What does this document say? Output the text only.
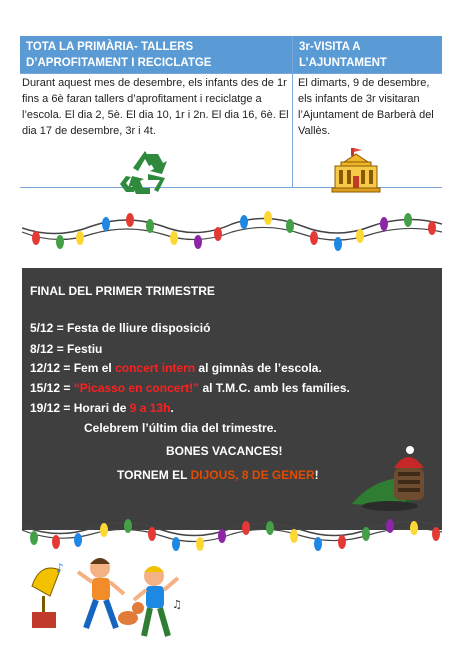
TOTA LA PRIMÀRIA- TALLERS D’APROFITAMENT I RECICLATGE
3r-VISITA A L’AJUNTAMENT
Durant aquest mes de desembre, els infants des de 1r fins a 6è faran tallers d’aprofitament i reciclatge a l’escola. El dia 2, 5è. El dia 10, 1r i 2n. El dia 16, 6è. El dia 17 de desembre, 3r i 4t.
El dimarts, 9 de desembre, els infants de 3r visitaran l’Ajuntament de Barberà del Vallès.
FINAL DEL PRIMER TRIMESTRE
5/12 = Festa de lliure disposició
8/12 = Festiu
12/12 = Fem el concert intern al gimnàs de l’escola.
15/12 = “Picasso en concert!” al T.M.C. amb les famílies.
19/12 = Horari de 9 a 13h.
Celebrem l’últim dia del trimestre.
BONES VACANCES!
TORNEM EL DIJOUS, 8 DE GENER!
♪
♫
